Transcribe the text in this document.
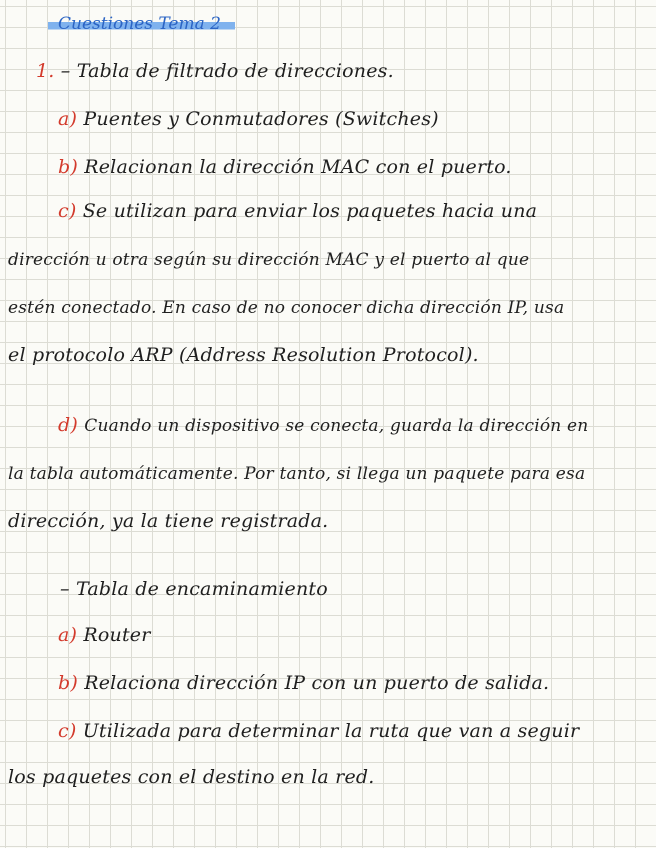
Cuestiones Tema 2
1. – Tabla de filtrado de direcciones.
a) Puentes y Conmutadores (Switches)
b) Relacionan la dirección MAC con el puerto.
c) Se utilizan para enviar los paquetes hacia una
dirección u otra según su dirección MAC y el puerto al que
estén conectado. En caso de no conocer dicha dirección IP, usa
el protocolo ARP (Address Resolution Protocol).
d) Cuando un dispositivo se conecta, guarda la dirección en
la tabla automáticamente. Por tanto, si llega un paquete para esa
dirección, ya la tiene registrada.
– Tabla de encaminamiento
a) Router
b) Relaciona dirección IP con un puerto de salida.
c) Utilizada para determinar la ruta que van a seguir
los paquetes con el destino en la red.
